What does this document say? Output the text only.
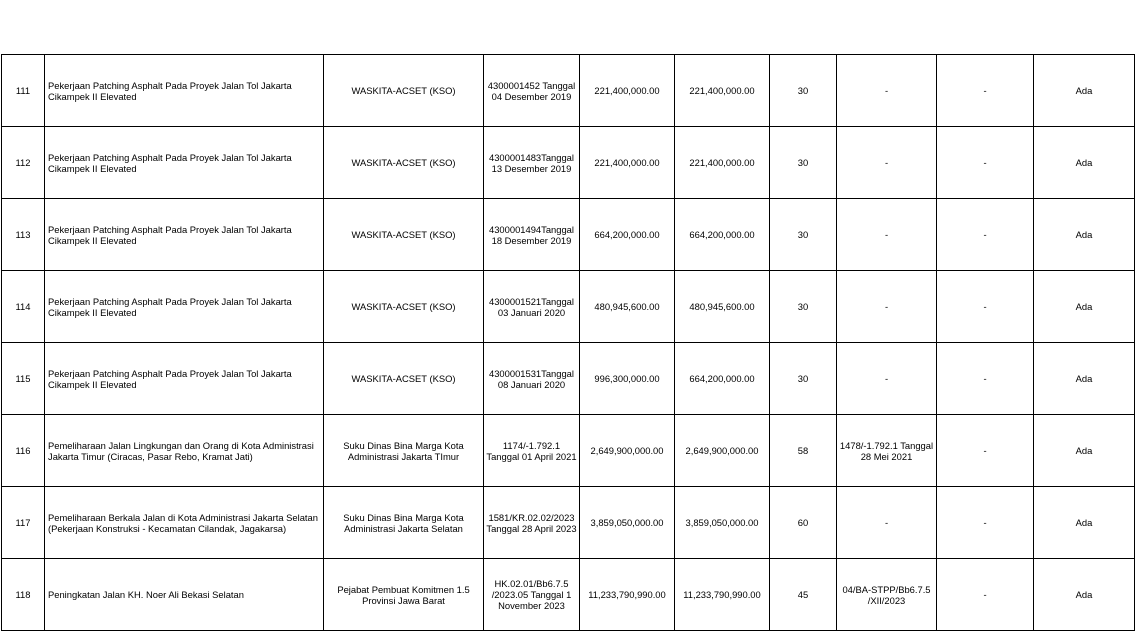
111	Pekerjaan Patching Asphalt Pada Proyek Jalan Tol Jakarta Cikampek II Elevated	WASKITA-ACSET (KSO)	4300001452 Tanggal 04 Desember 2019	221,400,000.00	221,400,000.00	30	-	-	Ada
112	Pekerjaan Patching Asphalt Pada Proyek Jalan Tol Jakarta Cikampek II Elevated	WASKITA-ACSET (KSO)	4300001483Tanggal 13 Desember 2019	221,400,000.00	221,400,000.00	30	-	-	Ada
113	Pekerjaan Patching Asphalt Pada Proyek Jalan Tol Jakarta Cikampek II Elevated	WASKITA-ACSET (KSO)	4300001494Tanggal 18 Desember 2019	664,200,000.00	664,200,000.00	30	-	-	Ada
114	Pekerjaan Patching Asphalt Pada Proyek Jalan Tol Jakarta Cikampek II Elevated	WASKITA-ACSET (KSO)	4300001521Tanggal 03 Januari 2020	480,945,600.00	480,945,600.00	30	-	-	Ada
115	Pekerjaan Patching Asphalt Pada Proyek Jalan Tol Jakarta Cikampek II Elevated	WASKITA-ACSET (KSO)	4300001531Tanggal 08 Januari 2020	996,300,000.00	664,200,000.00	30	-	-	Ada
116	Pemeliharaan Jalan Lingkungan dan Orang di Kota Administrasi Jakarta Timur (Ciracas, Pasar Rebo, Kramat Jati)	Suku Dinas Bina Marga Kota Administrasi Jakarta TImur	1174/-1.792.1 Tanggal 01 April 2021	2,649,900,000.00	2,649,900,000.00	58	1478/-1.792.1 Tanggal 28 Mei 2021	-	Ada
117	Pemeliharaan Berkala Jalan di Kota Administrasi Jakarta Selatan (Pekerjaan Konstruksi - Kecamatan Cilandak, Jagakarsa)	Suku Dinas Bina Marga Kota Administrasi Jakarta Selatan	1581/KR.02.02/2023 Tanggal 28 April 2023	3,859,050,000.00	3,859,050,000.00	60	-	-	Ada
118	Peningkatan Jalan KH. Noer Ali Bekasi Selatan	Pejabat Pembuat Komitmen 1.5 Provinsi Jawa Barat	HK.02.01/Bb6.7.5 /2023.05 Tanggal 1 November 2023	11,233,790,990.00	11,233,790,990.00	45	04/BA-STPP/Bb6.7.5 /XII/2023	-	Ada
